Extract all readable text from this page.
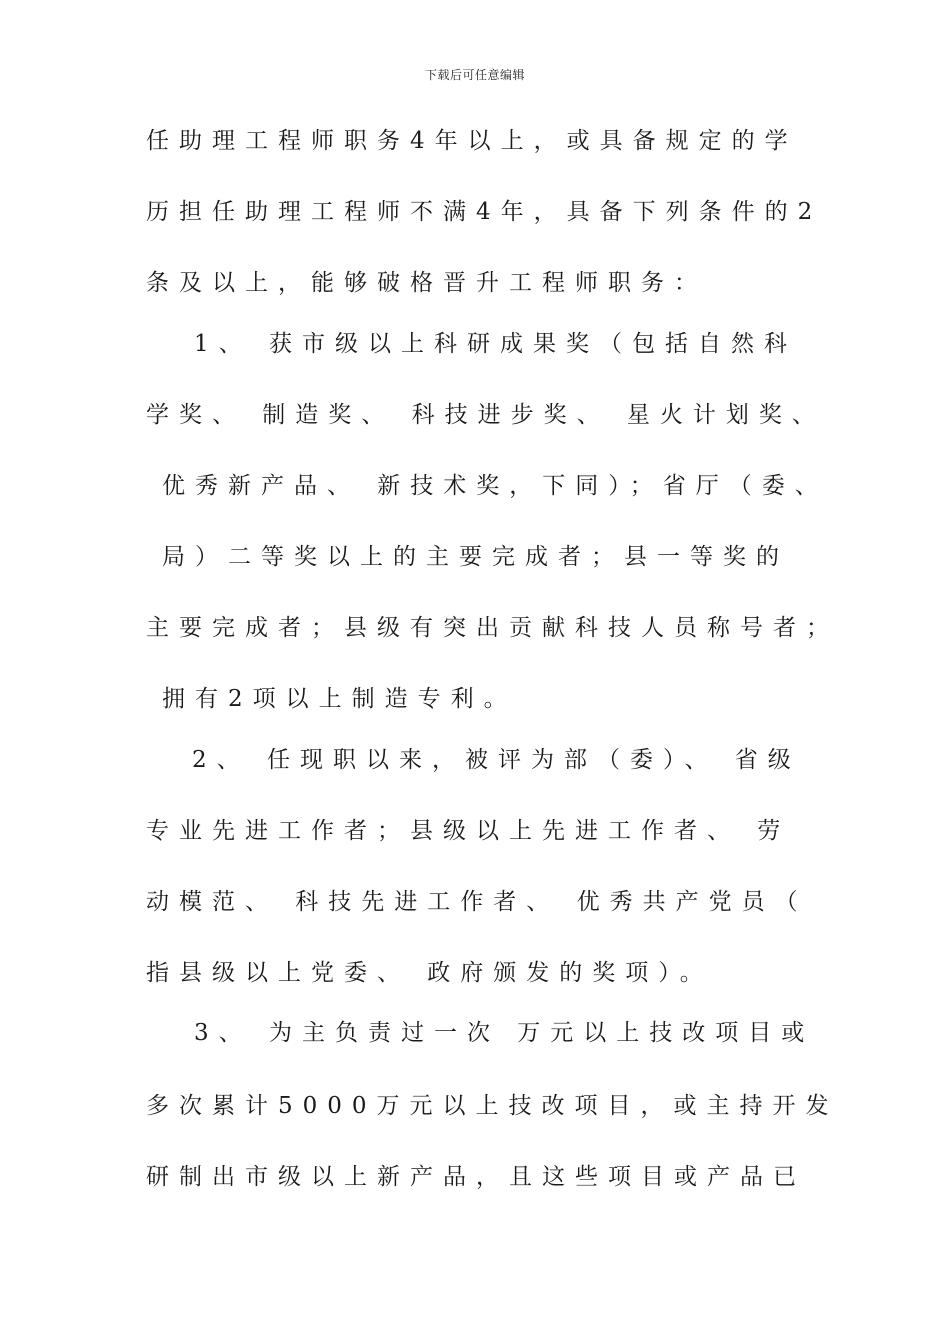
下载后可任意编辑
任助理工程师职务4年以上，或具备规定的学
历担任助理工程师不满4年，具备下列条件的2
条及以上，能够破格晋升工程师职务：
1、 获市级以上科研成果奖（包括自然科
学奖、 制造奖、 科技进步奖、 星火计划奖、
优秀新产品、 新技术奖，下同）；省厅（委、
局）二等奖以上的主要完成者；县一等奖的
主要完成者；县级有突出贡献科技人员称号者；
拥有2项以上制造专利。
2、 任现职以来，被评为部（委）、 省级
专业先进工作者；县级以上先进工作者、 劳
动模范、 科技先进工作者、 优秀共产党员（
指县级以上党委、 政府颁发的奖项）。
3、 为主负责过一次 万元以上技改项目或
多次累计5000万元以上技改项目，或主持开发
研制出市级以上新产品，且这些项目或产品已
